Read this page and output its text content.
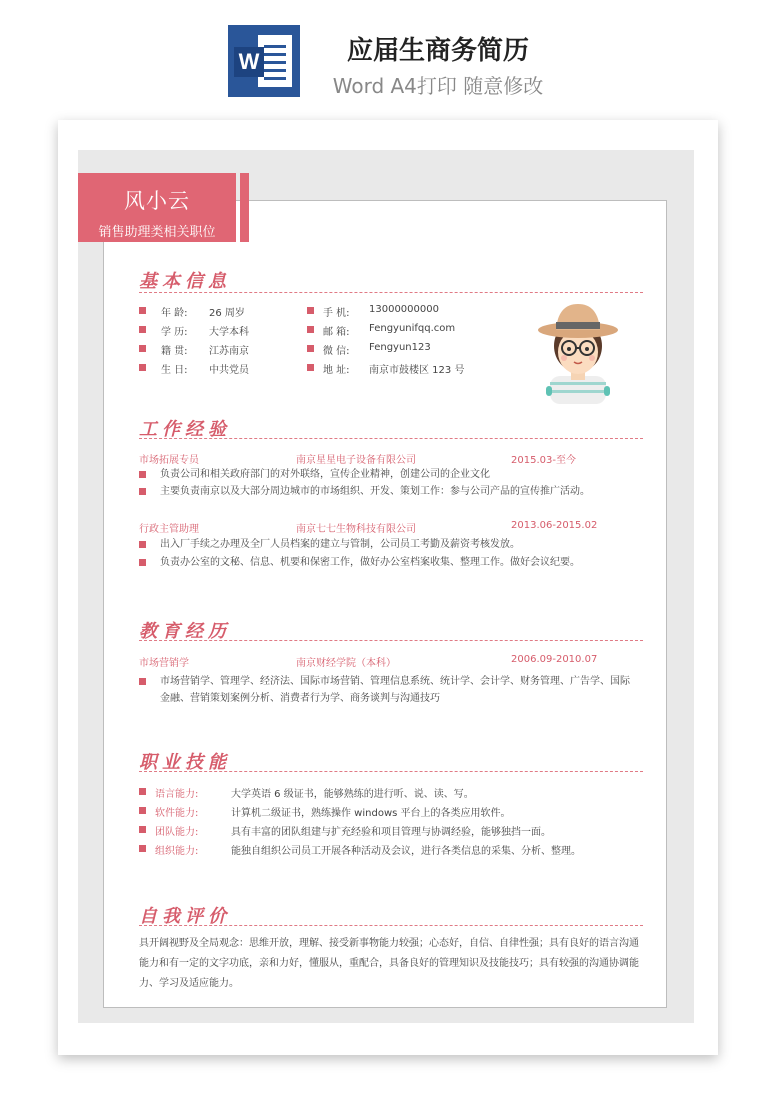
W	应届生商务简历
Word A4打印 随意修改
风小云
销售助理类相关职位
基本信息
年 龄: 26 周岁
学 历: 大学本科
籍 贯: 江苏南京
生 日: 中共党员
手 机: 13000000000
邮 箱: Fengyunifqq.com
微 信: Fengyun123
地 址: 南京市鼓楼区 123 号
工作经验
市场拓展专员	南京星星电子设备有限公司	2015.03-至今
负责公司和相关政府部门的对外联络，宣传企业精神，创建公司的企业文化
主要负责南京以及大部分周边城市的市场组织、开发、策划工作：参与公司产品的宣传推广活动。
行政主管助理	南京七七生物科技有限公司	2013.06-2015.02
出入厂手续之办理及全厂人员档案的建立与管制，公司员工考勤及薪资考核发放。
负责办公室的文秘、信息、机要和保密工作，做好办公室档案收集、整理工作。做好会议纪要。
教育经历
市场营销学	南京财经学院（本科）	2006.09-2010.07
市场营销学、管理学、经济法、国际市场营销、管理信息系统、统计学、会计学、财务管理、广告学、国际金融、营销策划案例分析、消费者行为学、商务谈判与沟通技巧
职业技能
语言能力:	大学英语 6 级证书，能够熟练的进行听、说、读、写。
软件能力:	计算机二级证书，熟练操作 windows 平台上的各类应用软件。
团队能力:	具有丰富的团队组建与扩充经验和项目管理与协调经验，能够独挡一面。
组织能力:	能独自组织公司员工开展各种活动及会议，进行各类信息的采集、分析、整理。
自我评价
具开阔视野及全局观念：思维开放，理解、接受新事物能力较强；心态好，自信、自律性强；具有良好的语言沟通能力和有一定的文字功底，亲和力好，懂服从，重配合，具备良好的管理知识及技能技巧；具有较强的沟通协调能力、学习及适应能力。
